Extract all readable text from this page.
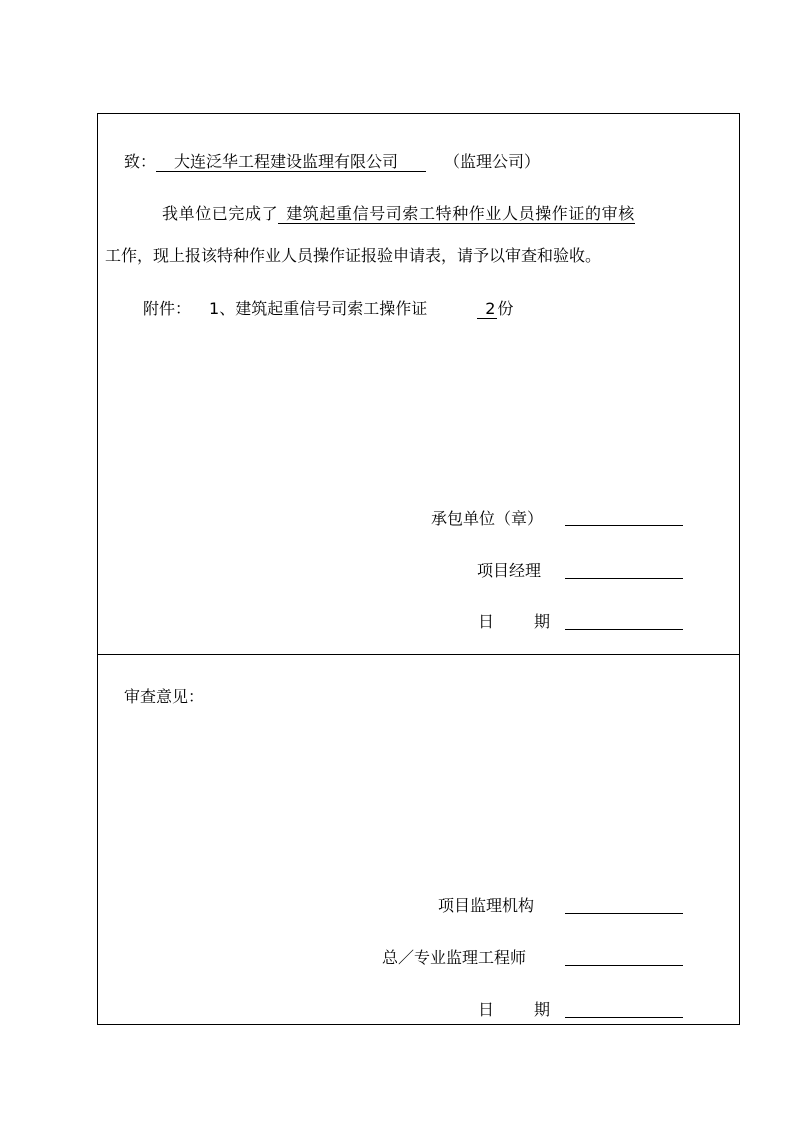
致： 大连泛华工程建设监理有限公司	（监理公司）
我单位已完成了 建筑起重信号司索工特种作业人员操作证的审核
工作，现上报该特种作业人员操作证报验申请表，请予以审查和验收。
附件： 1、建筑起重信号司索工操作证	2 份
承包单位（章）
项目经理
日	期
审查意见：
项目监理机构
总／专业监理工程师
日	期
